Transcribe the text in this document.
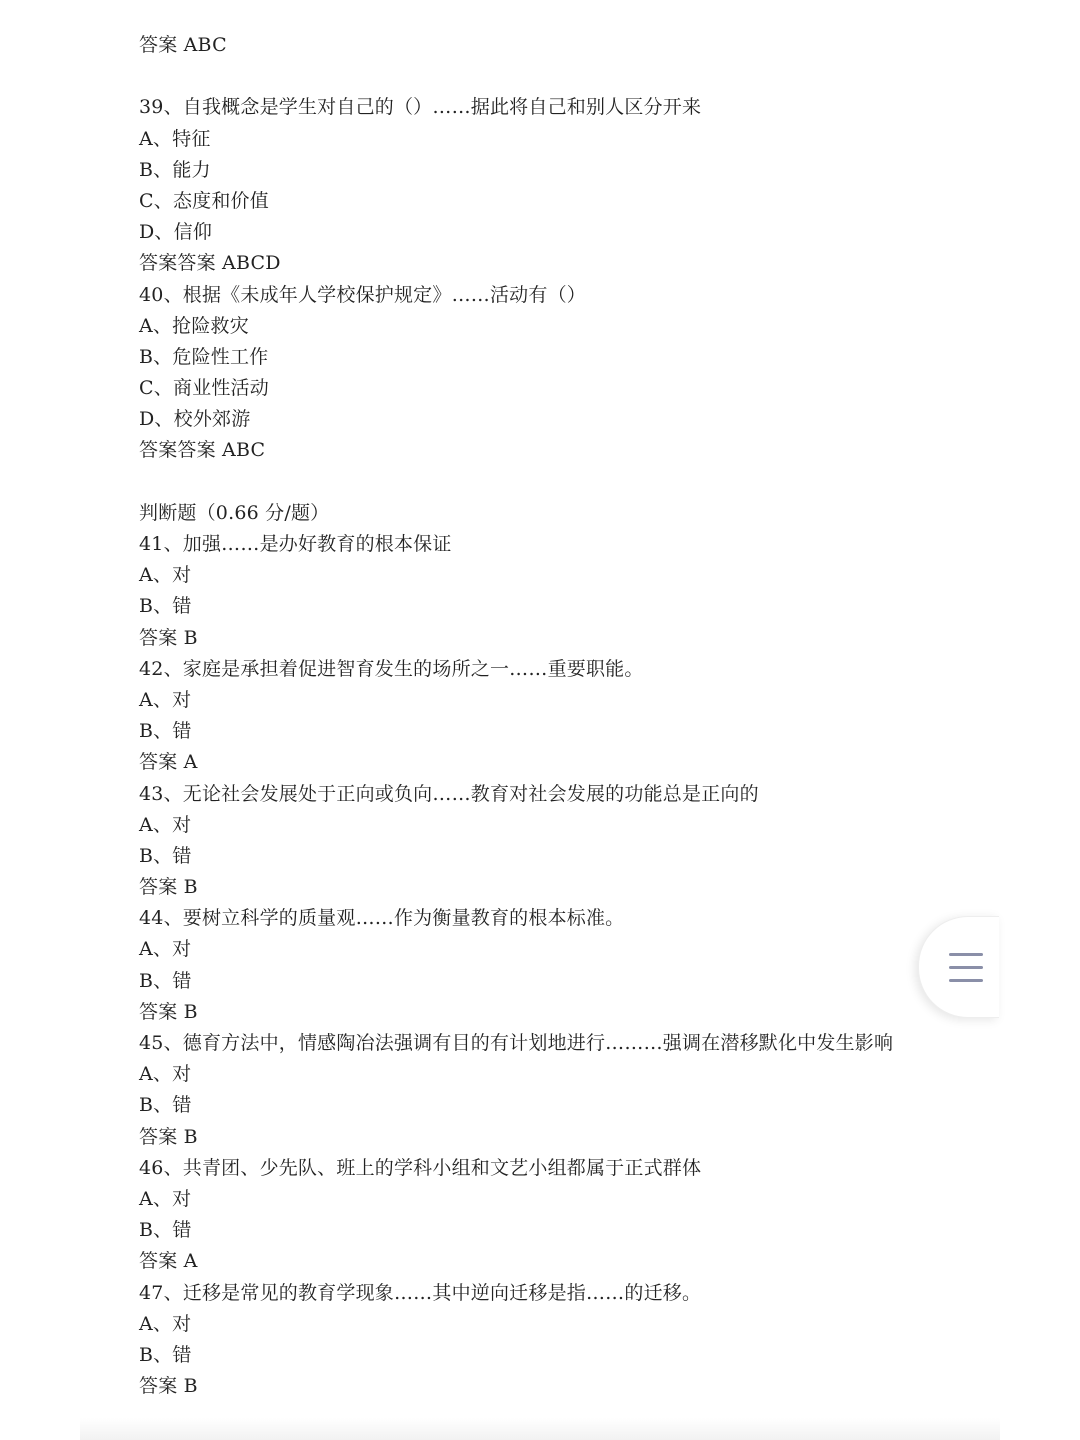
答案 ABC
39、自我概念是学生对自己的（）……据此将自己和别人区分开来
A、特征
B、能力
C、态度和价值
D、信仰
答案答案 ABCD
40、根据《未成年人学校保护规定》……活动有（）
A、抢险救灾
B、危险性工作
C、商业性活动
D、校外郊游
答案答案 ABC
判断题（0.66 分/题）
41、加强……是办好教育的根本保证
A、对
B、错
答案 B
42、家庭是承担着促进智育发生的场所之一……重要职能。
A、对
B、错
答案 A
43、无论社会发展处于正向或负向……教育对社会发展的功能总是正向的
A、对
B、错
答案 B
44、要树立科学的质量观……作为衡量教育的根本标准。
A、对
B、错
答案 B
45、德育方法中，情感陶冶法强调有目的有计划地进行………强调在潜移默化中发生影响
A、对
B、错
答案 B
46、共青团、少先队、班上的学科小组和文艺小组都属于正式群体
A、对
B、错
答案 A
47、迁移是常见的教育学现象……其中逆向迁移是指……的迁移。
A、对
B、错
答案 B
